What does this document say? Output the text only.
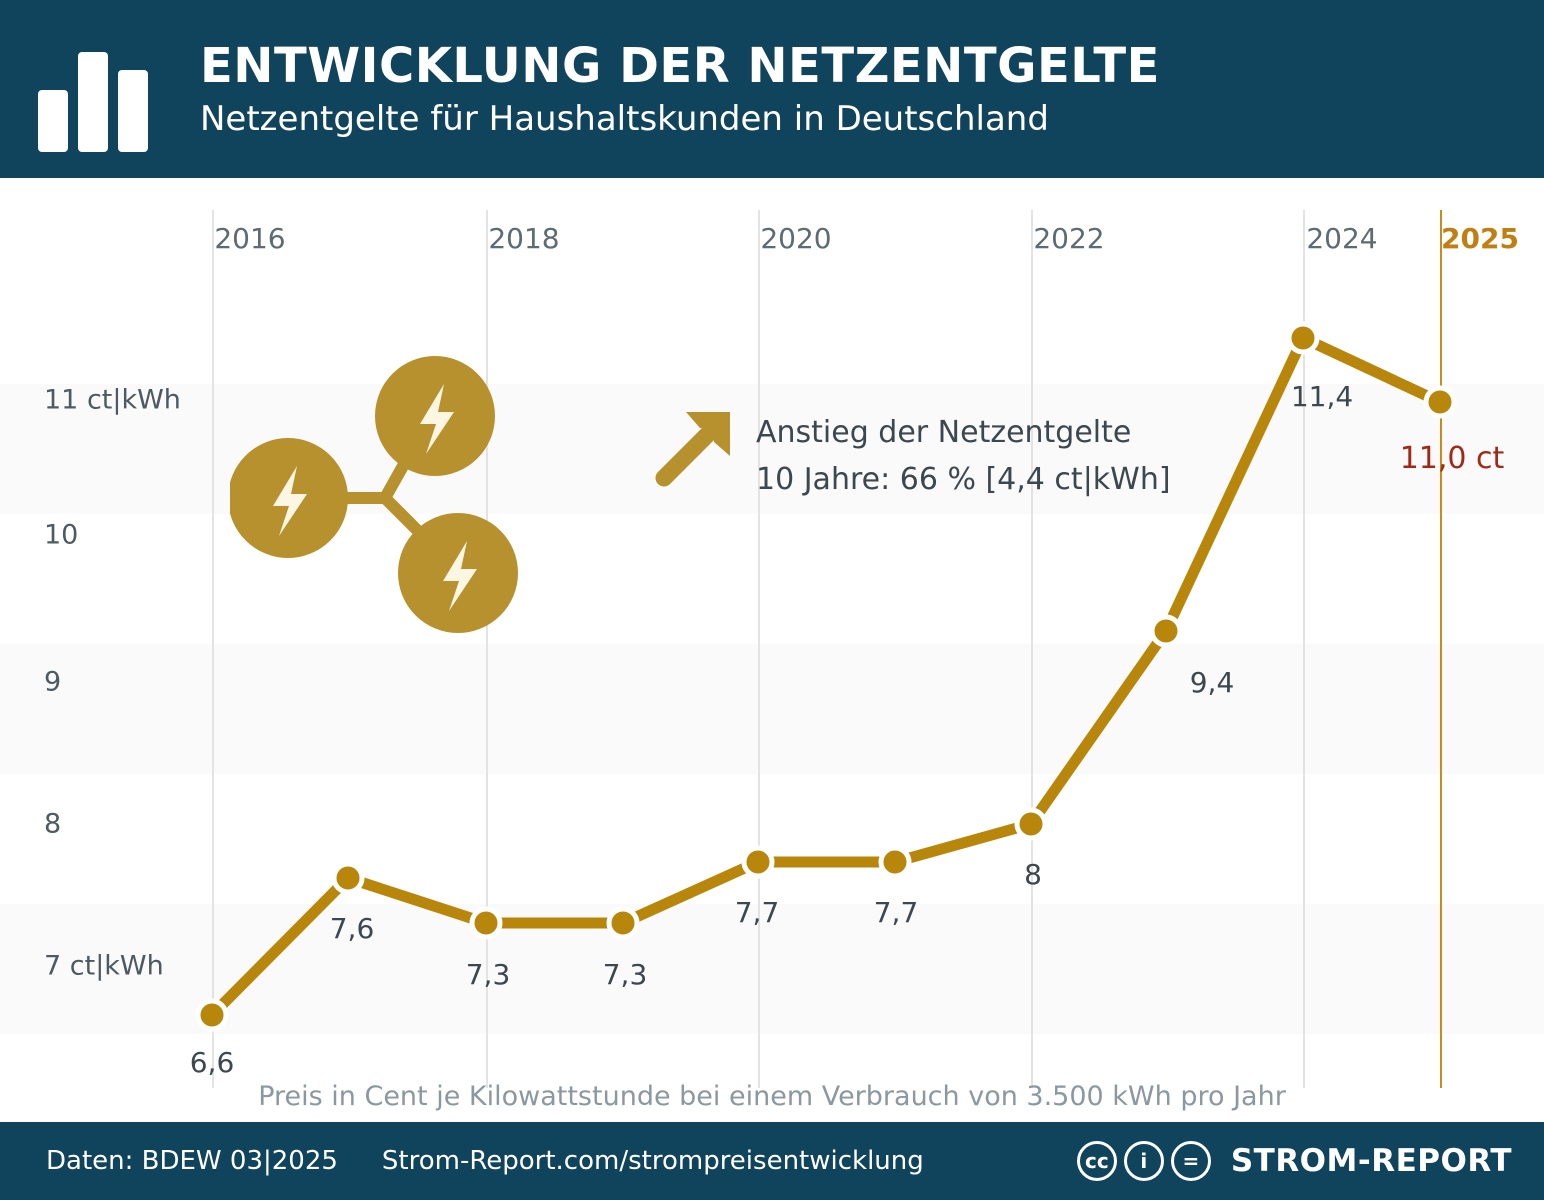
ENTWICKLUNG DER NETZENTGELTE
Netzentgelte für Haushaltskunden in Deutschland
2016	2018	2020	2022	2024 2025
11 ct|kWh
10
9
8
7 ct|kWh
Anstieg der Netzentgelte
10 Jahre: 66 % [4,4 ct|kWh]
6,6
7,6
7,3	7,3
7,7	7,7
8
9,4
11,4
11,0 ct
Preis in Cent je Kilowattstunde bei einem Verbrauch von 3.500 kWh pro Jahr
Daten: BDEW 03|2025 Strom-Report.com/strompreisentwicklung	cc	i	=	STROM-REPORT
